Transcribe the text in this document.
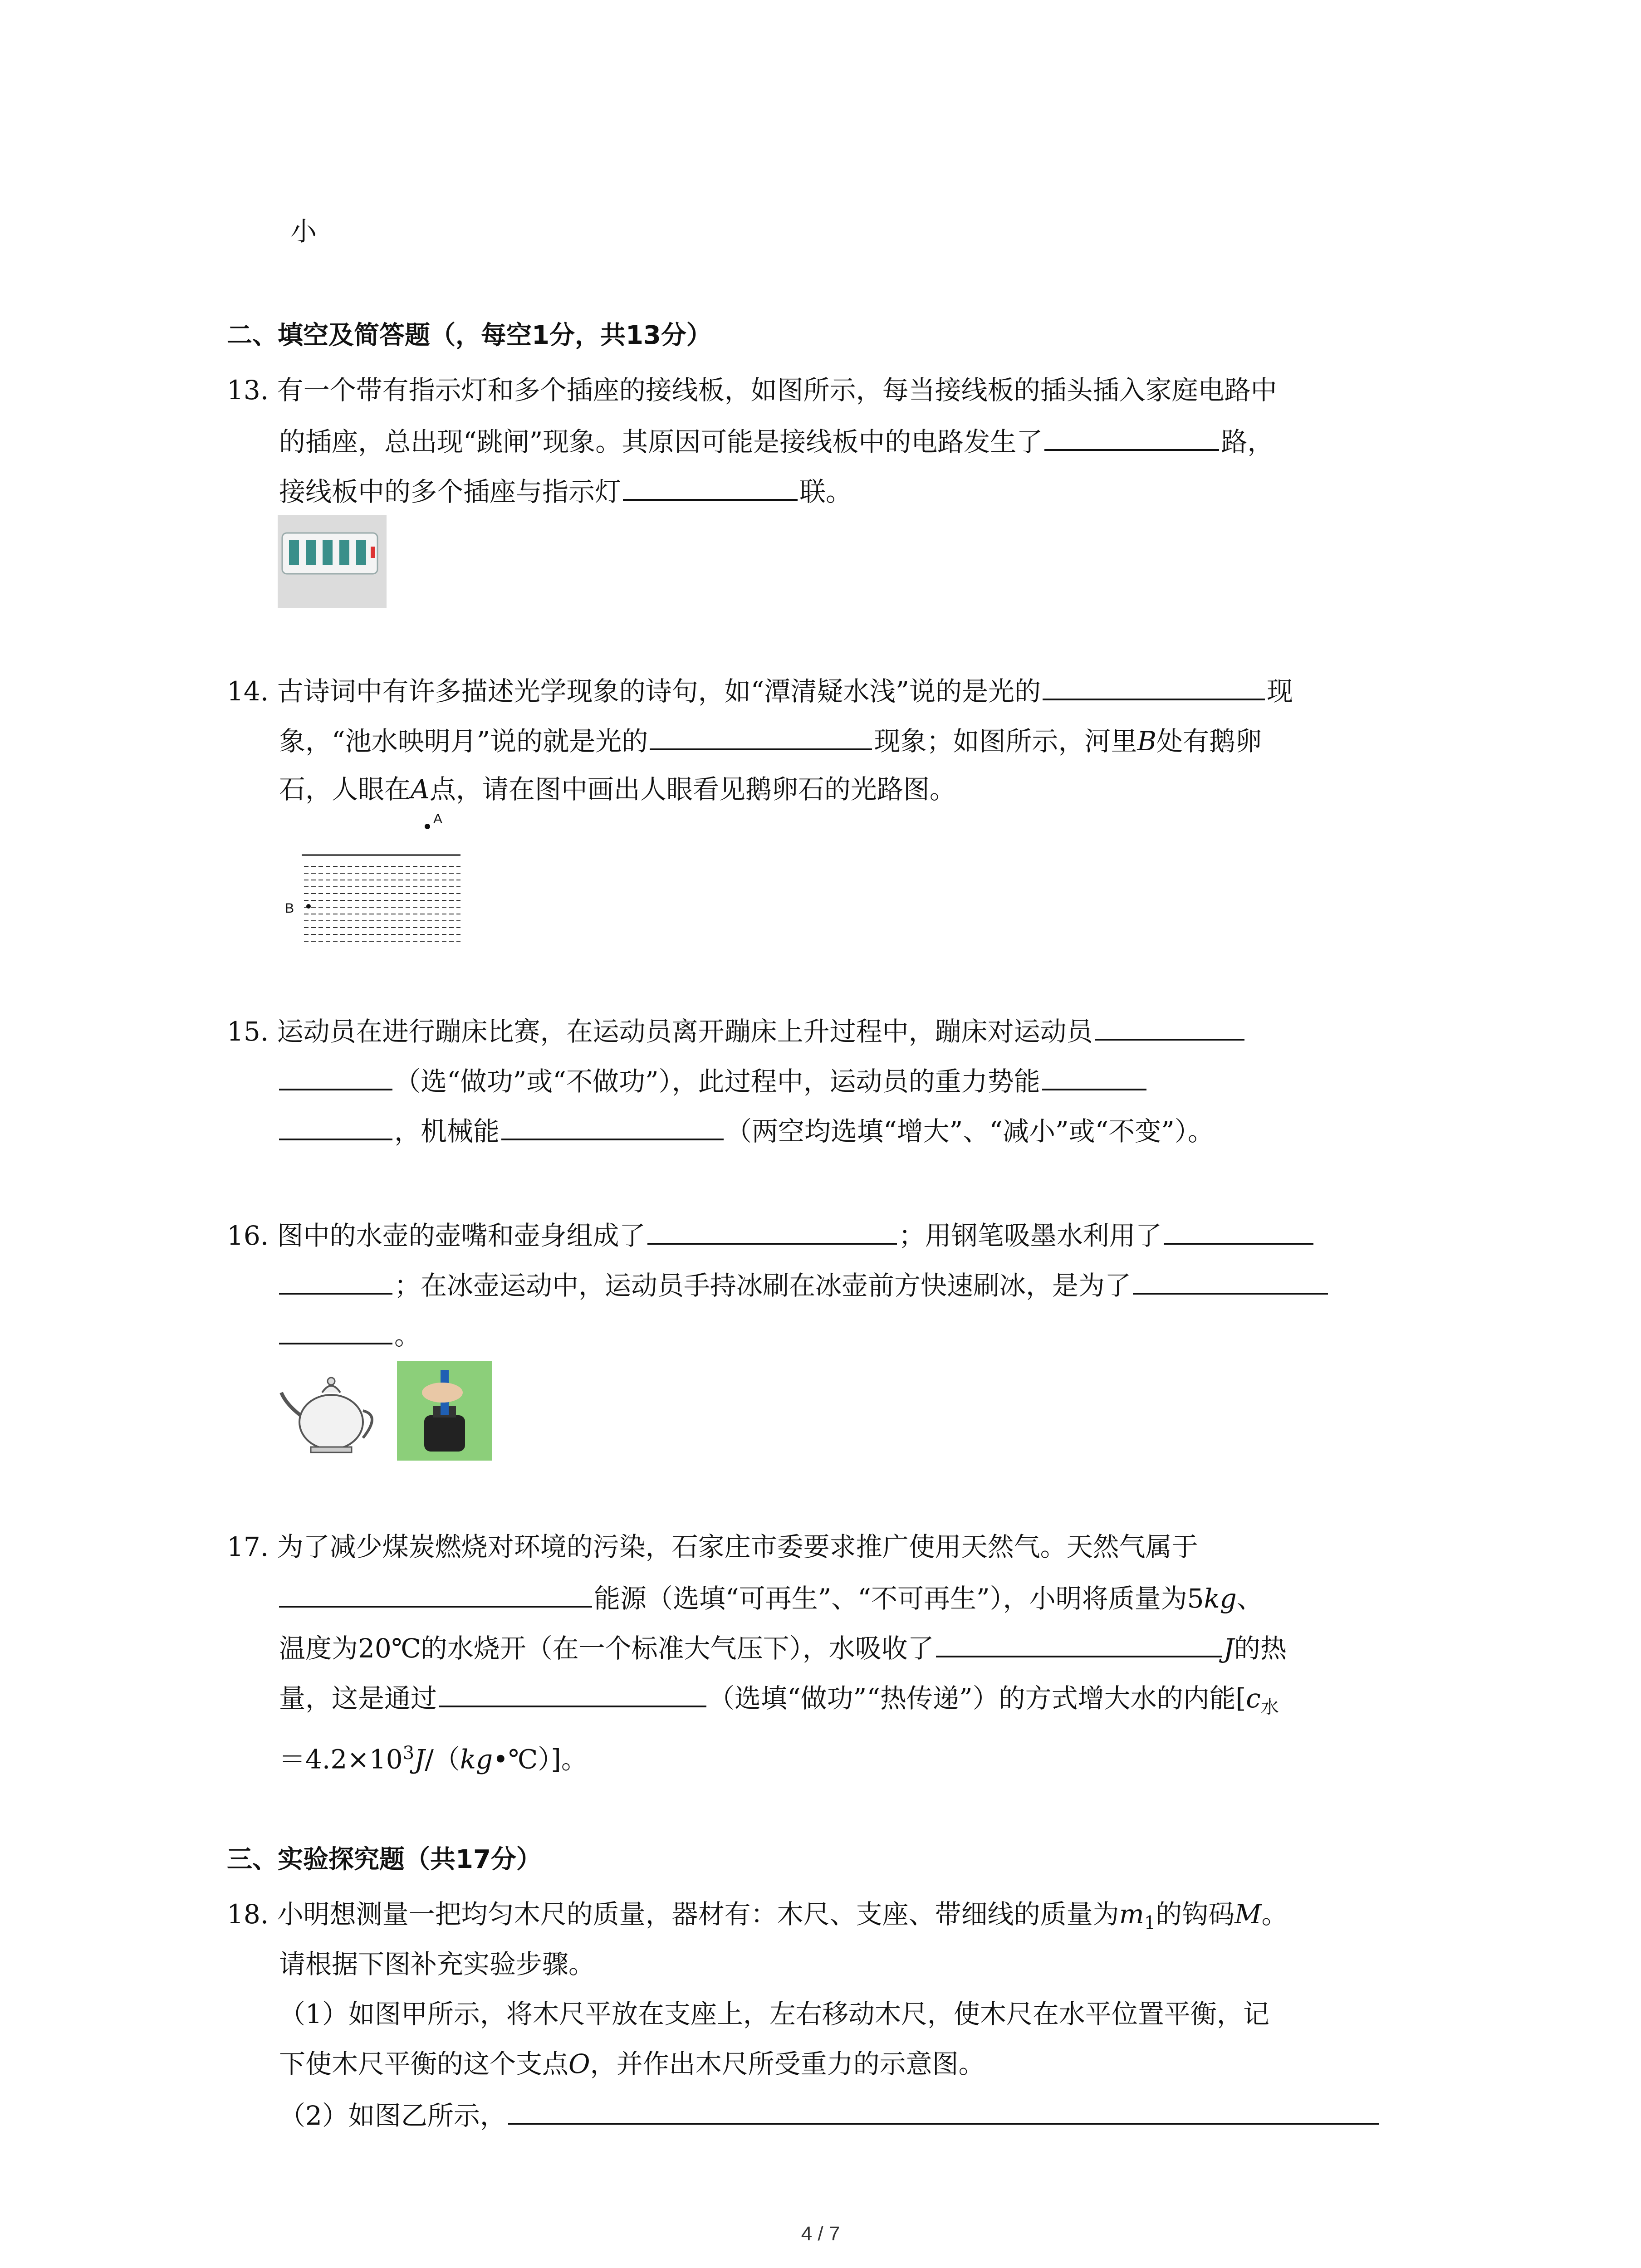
小
二、填空及简答题（，每空1分，共13分）
13. 有一个带有指示灯和多个插座的接线板，如图所示，每当接线板的插头插入家庭电路中
的插座，总出现“跳闸”现象。其原因可能是接线板中的电路发生了	路，
接线板中的多个插座与指示灯	联。
14. 古诗词中有许多描述光学现象的诗句，如“潭清疑水浅”说的是光的	现
象，“池水映明月”说的就是光的	现象；如图所示，河里B处有鹅卵
石，人眼在A点，请在图中画出人眼看见鹅卵石的光路图。
A
B
15. 运动员在进行蹦床比赛，在运动员离开蹦床上升过程中，蹦床对运动员
（选“做功”或“不做功”），此过程中，运动员的重力势能
，机械能	（两空均选填“增大”、“减小”或“不变”）。
16. 图中的水壶的壶嘴和壶身组成了	；用钢笔吸墨水利用了
；在冰壶运动中，运动员手持冰刷在冰壶前方快速刷冰，是为了
。
17. 为了减少煤炭燃烧对环境的污染，石家庄市委要求推广使用天然气。天然气属于
能源（选填“可再生”、“不可再生”），小明将质量为5kg、
温度为20℃的水烧开（在一个标准大气压下），水吸收了	J的热
量，这是通过	（选填“做功”“热传递”）的方式增大水的内能[$c_水$
$=4.2\times 10^3J/(kg•℃)$]。
三、实验探究题（共17分）
18. 小明想测量一把均匀木尺的质量，器材有：木尺、支座、带细线的质量为$m_1$的钩码M。
请根据下图补充实验步骤。
（1）如图甲所示，将木尺平放在支座上，左右移动木尺，使木尺在水平位置平衡，记
下使木尺平衡的这个支点O，并作出木尺所受重力的示意图。
（2）如图乙所示，
4 / 7
